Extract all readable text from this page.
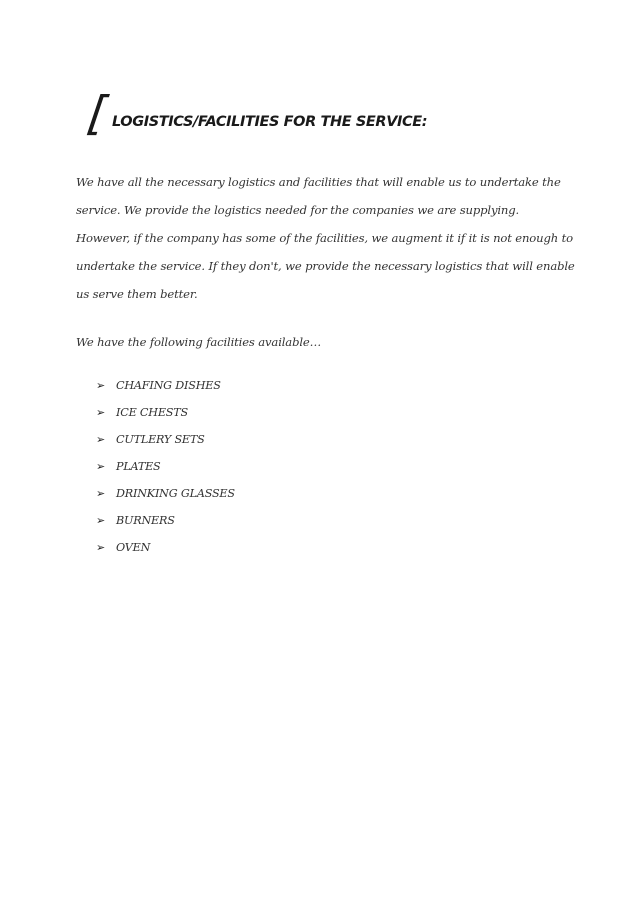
[ LOGISTICS/FACILITIES FOR THE SERVICE:

We have all the necessary logistics and facilities that will enable us to undertake the service. We provide the logistics needed for the companies we are supplying. However, if the company has some of the facilities, we augment it if it is not enough to undertake the service. If they don't, we provide the necessary logistics that will enable us serve them better.

We have the following facilities available…

➢ CHAFING DISHES
➢ ICE CHESTS
➢ CUTLERY SETS
➢ PLATES
➢ DRINKING GLASSES
➢ BURNERS
➢ OVEN
